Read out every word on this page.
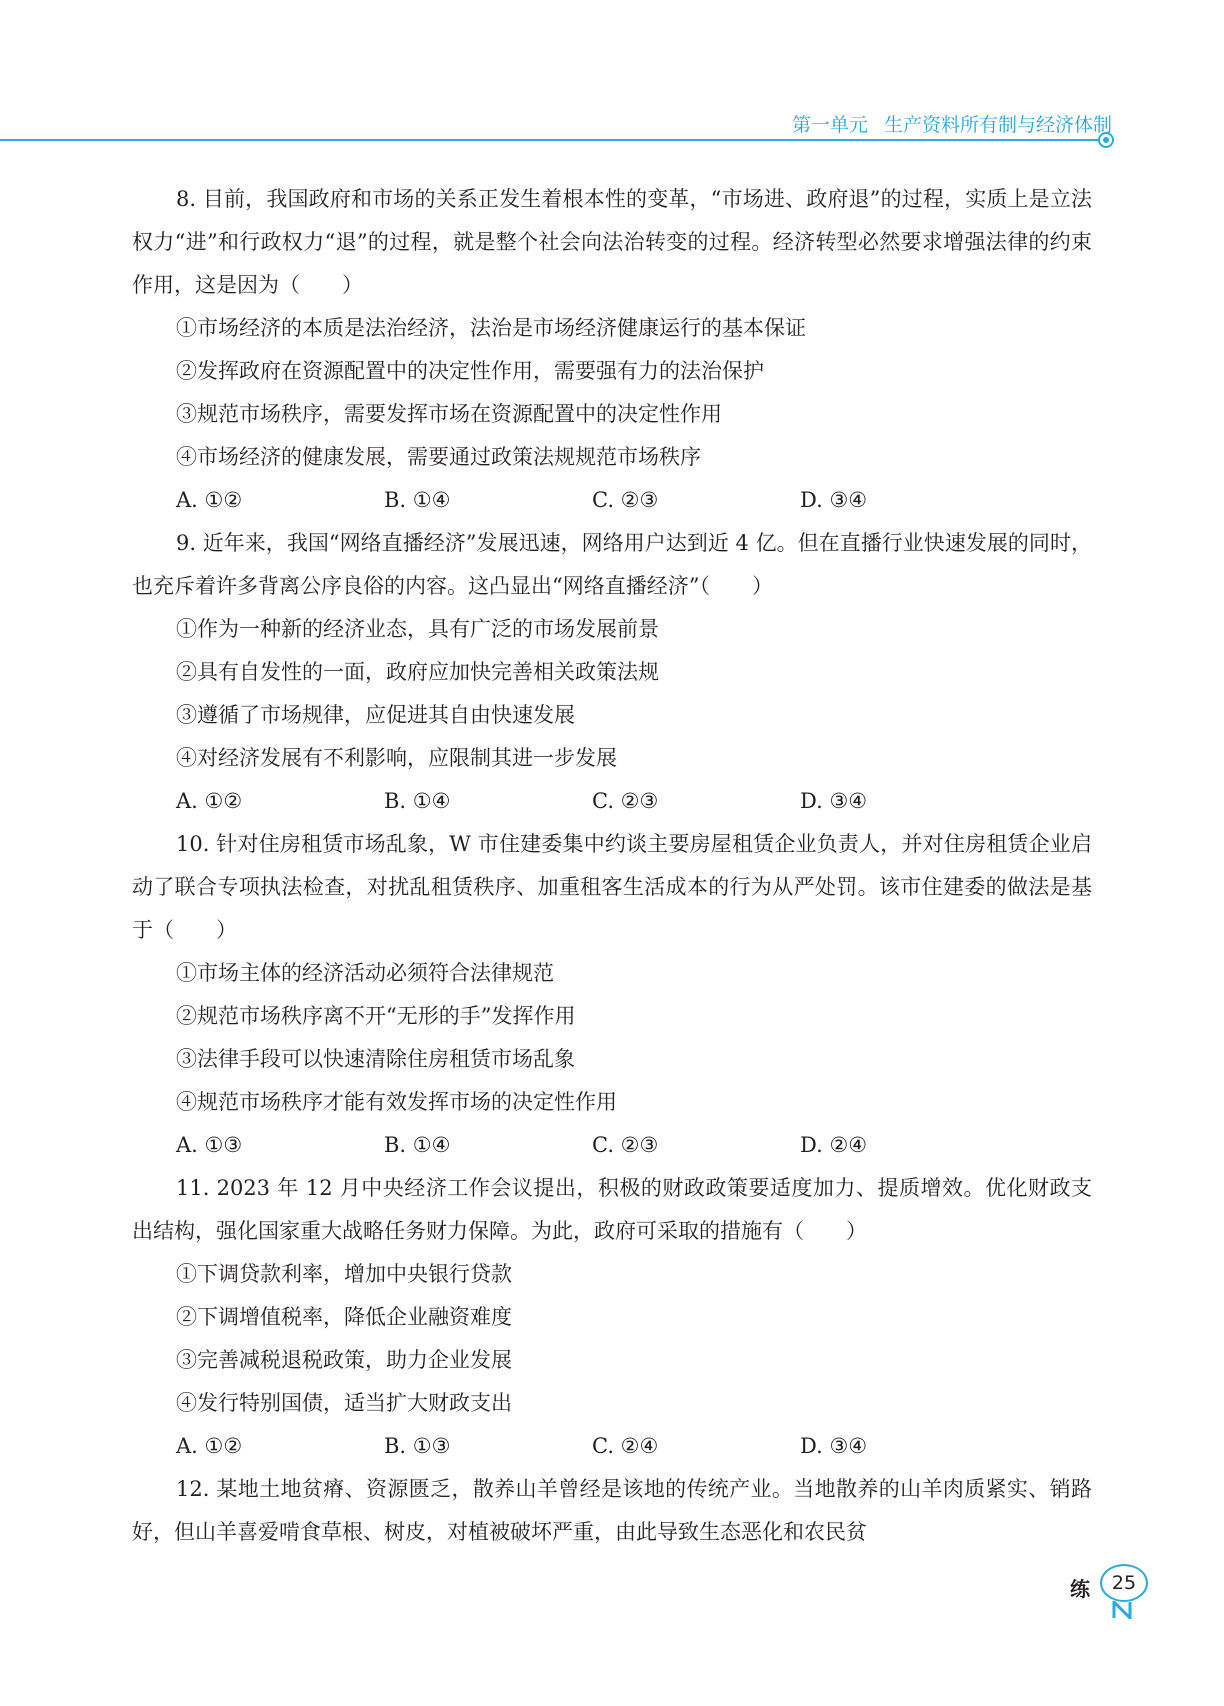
第一单元 生产资料所有制与经济体制

8. 目前，我国政府和市场的关系正发生着根本性的变革，“市场进、政府退”的过程，实质上是立法权力“进”和行政权力“退”的过程，就是整个社会向法治转变的过程。经济转型必然要求增强法律的约束作用，这是因为（　　）

①市场经济的本质是法治经济，法治是市场经济健康运行的基本保证

②发挥政府在资源配置中的决定性作用，需要强有力的法治保护

③规范市场秩序，需要发挥市场在资源配置中的决定性作用

④市场经济的健康发展，需要通过政策法规规范市场秩序

A. ①②	B. ①④	C. ②③	D. ③④

9. 近年来，我国“网络直播经济”发展迅速，网络用户达到近 4 亿。但在直播行业快速发展的同时，也充斥着许多背离公序良俗的内容。这凸显出“网络直播经济”（　　）

①作为一种新的经济业态，具有广泛的市场发展前景

②具有自发性的一面，政府应加快完善相关政策法规

③遵循了市场规律，应促进其自由快速发展

④对经济发展有不利影响，应限制其进一步发展

A. ①②	B. ①④	C. ②③	D. ③④

10. 针对住房租赁市场乱象，W 市住建委集中约谈主要房屋租赁企业负责人，并对住房租赁企业启动了联合专项执法检查，对扰乱租赁秩序、加重租客生活成本的行为从严处罚。该市住建委的做法是基于（　　）

①市场主体的经济活动必须符合法律规范

②规范市场秩序离不开“无形的手”发挥作用

③法律手段可以快速清除住房租赁市场乱象

④规范市场秩序才能有效发挥市场的决定性作用

A. ①③	B. ①④	C. ②③	D. ②④

11. 2023 年 12 月中央经济工作会议提出，积极的财政政策要适度加力、提质增效。优化财政支出结构，强化国家重大战略任务财力保障。为此，政府可采取的措施有（　　）

①下调贷款利率，增加中央银行贷款

②下调增值税率，降低企业融资难度

③完善减税退税政策，助力企业发展

④发行特别国债，适当扩大财政支出

A. ①②	B. ①③	C. ②④	D. ③④

12. 某地土地贫瘠、资源匮乏，散养山羊曾经是该地的传统产业。当地散养的山羊肉质紧实、销路好，但山羊喜爱啃食草根、树皮，对植被破坏严重，由此导致生态恶化和农民贫

练	25
